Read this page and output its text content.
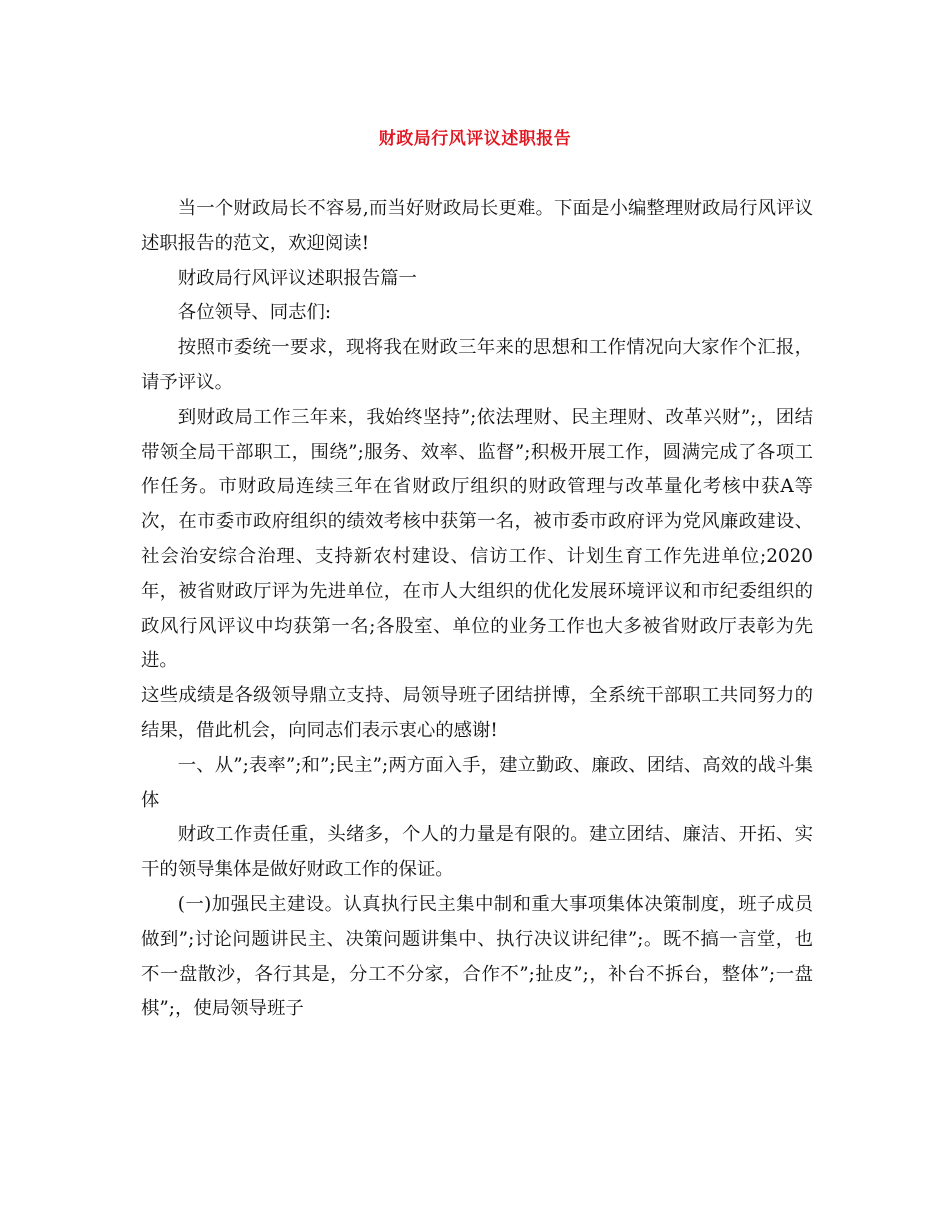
财政局行风评议述职报告

当一个财政局长不容易,而当好财政局长更难。下面是小编整理财政局行风评议述职报告的范文，欢迎阅读!

财政局行风评议述职报告篇一

各位领导、同志们:

按照市委统一要求，现将我在财政三年来的思想和工作情况向大家作个汇报，请予评议。

到财政局工作三年来，我始终坚持”;依法理财、民主理财、改革兴财”;，团结带领全局干部职工，围绕”;服务、效率、监督”;积极开展工作，圆满完成了各项工作任务。市财政局连续三年在省财政厅组织的财政管理与改革量化考核中获A等次，在市委市政府组织的绩效考核中获第一名，被市委市政府评为党风廉政建设、社会治安综合治理、支持新农村建设、信访工作、计划生育工作先进单位;2020年，被省财政厅评为先进单位，在市人大组织的优化发展环境评议和市纪委组织的政风行风评议中均获第一名;各股室、单位的业务工作也大多被省财政厅表彰为先进。

这些成绩是各级领导鼎立支持、局领导班子团结拼博，全系统干部职工共同努力的结果，借此机会，向同志们表示衷心的感谢!

一、从”;表率”;和”;民主”;两方面入手，建立勤政、廉政、团结、高效的战斗集体

财政工作责任重，头绪多，个人的力量是有限的。建立团结、廉洁、开拓、实干的领导集体是做好财政工作的保证。

(一)加强民主建设。认真执行民主集中制和重大事项集体决策制度，班子成员做到”;讨论问题讲民主、决策问题讲集中、执行决议讲纪律”;。既不搞一言堂，也不一盘散沙，各行其是，分工不分家，合作不”;扯皮”;，补台不拆台，整体”;一盘棋”;，使局领导班子
